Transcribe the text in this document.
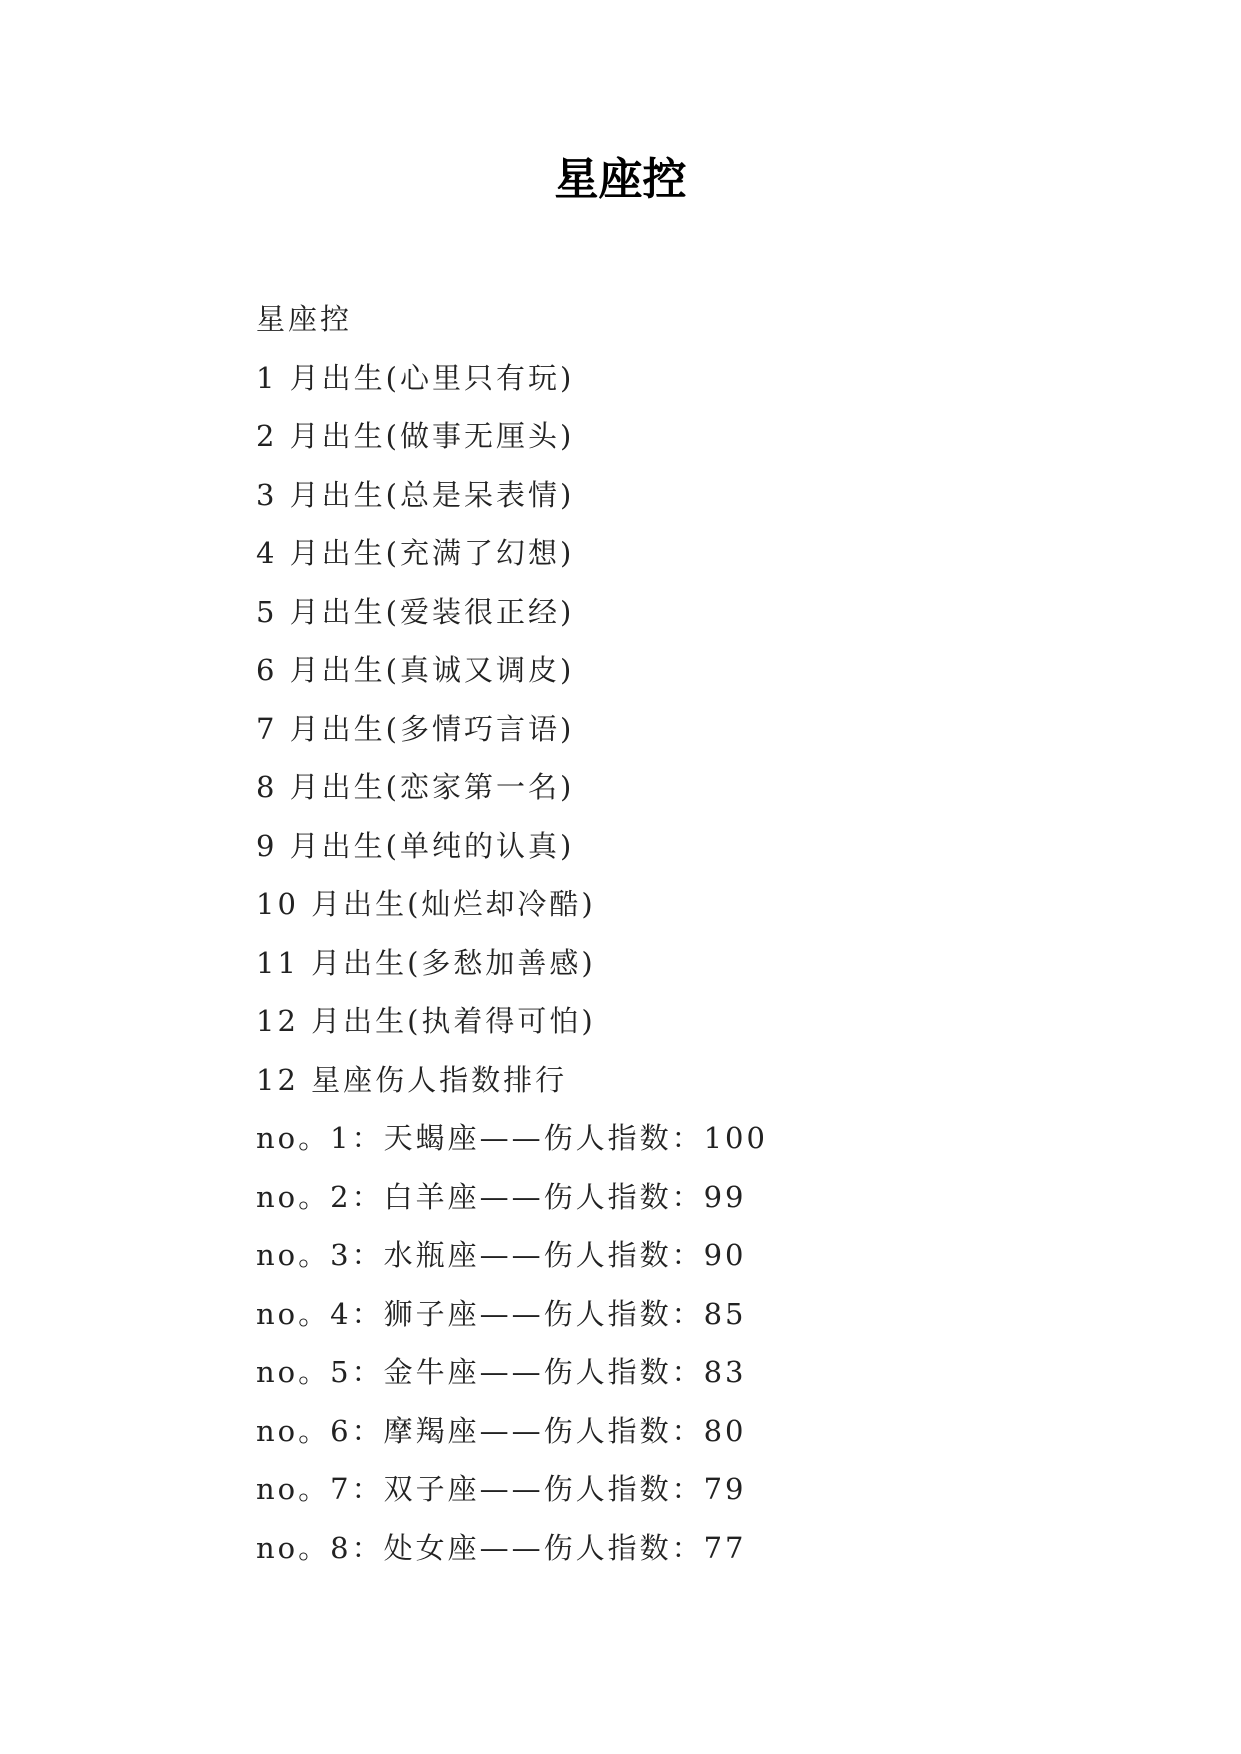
星座控
星座控
1 月出生(心里只有玩)
2 月出生(做事无厘头)
3 月出生(总是呆表情)
4 月出生(充满了幻想)
5 月出生(爱装很正经)
6 月出生(真诚又调皮)
7 月出生(多情巧言语)
8 月出生(恋家第一名)
9 月出生(单纯的认真)
10 月出生(灿烂却冷酷)
11 月出生(多愁加善感)
12 月出生(执着得可怕)
12 星座伤人指数排行
no。1：天蝎座——伤人指数：100
no。2：白羊座——伤人指数：99
no。3：水瓶座——伤人指数：90
no。4：狮子座——伤人指数：85
no。5：金牛座——伤人指数：83
no。6：摩羯座——伤人指数：80
no。7：双子座——伤人指数：79
no。8：处女座——伤人指数：77
